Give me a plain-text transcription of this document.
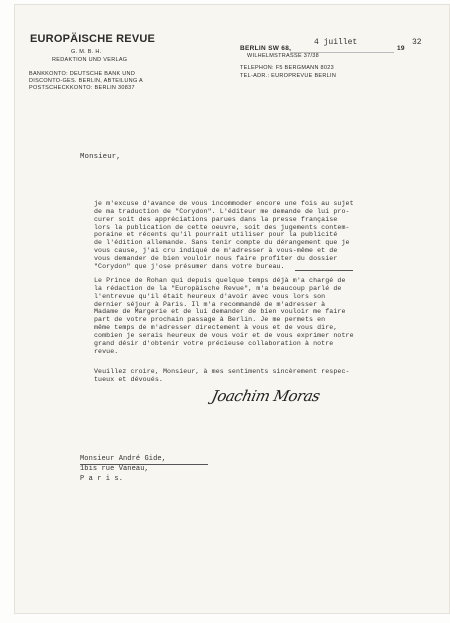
EUROPÄISCHE REVUE
G. M. B. H.
REDAKTION UND VERLAG
BANKKONTO: DEUTSCHE BANK UND
DISCONTO-GES. BERLIN, ABTEILUNG A
POSTSCHECKKONTO: BERLIN 30837
4 juillet	32
BERLIN SW 68,	19
WILHELMSTRASSE 37/38
TELEPHON: F5 BERGMANN 8023
TEL-ADR.: EUROPREVUE BERLIN
Monsieur,

je m'excuse d'avance de vous incommoder encore une fois au sujet
de ma traduction de "Corydon". L'éditeur me demande de lui pro-
curer soit des appréciations parues dans la presse française
lors la publication de cette oeuvre, soit des jugements contem-
poraine et récents qu'il pourrait utiliser pour la publicité
de l'édition allemande. Sans tenir compte du dérangement que je
vous cause, j'ai cru indiqué de m'adresser à vous-même et de
vous demander de bien vouloir nous faire profiter du dossier
"Corydon" que j'ose présumer dans votre bureau.

Le Prince de Rohan qui depuis quelque temps déjà m'a chargé de
la rédaction de la "Europäische Revue", m'a beaucoup parlé de
l'entrevue qu'il était heureux d'avoir avec vous lors son
dernier séjour à Paris. Il m'a recommandé de m'adresser à
Madame de Margerie et de lui demander de bien vouloir me faire
part de votre prochain passage à Berlin. Je me permets en
même temps de m'adresser directement à vous et de vous dire,
combien je serais heureux de vous voir et de vous exprimer notre
grand désir d'obtenir votre précieuse collaboration à notre
revue.

Veuillez croire, Monsieur, à mes sentiments sincèrement respec-
tueux et dévoués.

Joachim Moras

Monsieur André Gide,
1bis rue Vaneau,
P a r i s.
